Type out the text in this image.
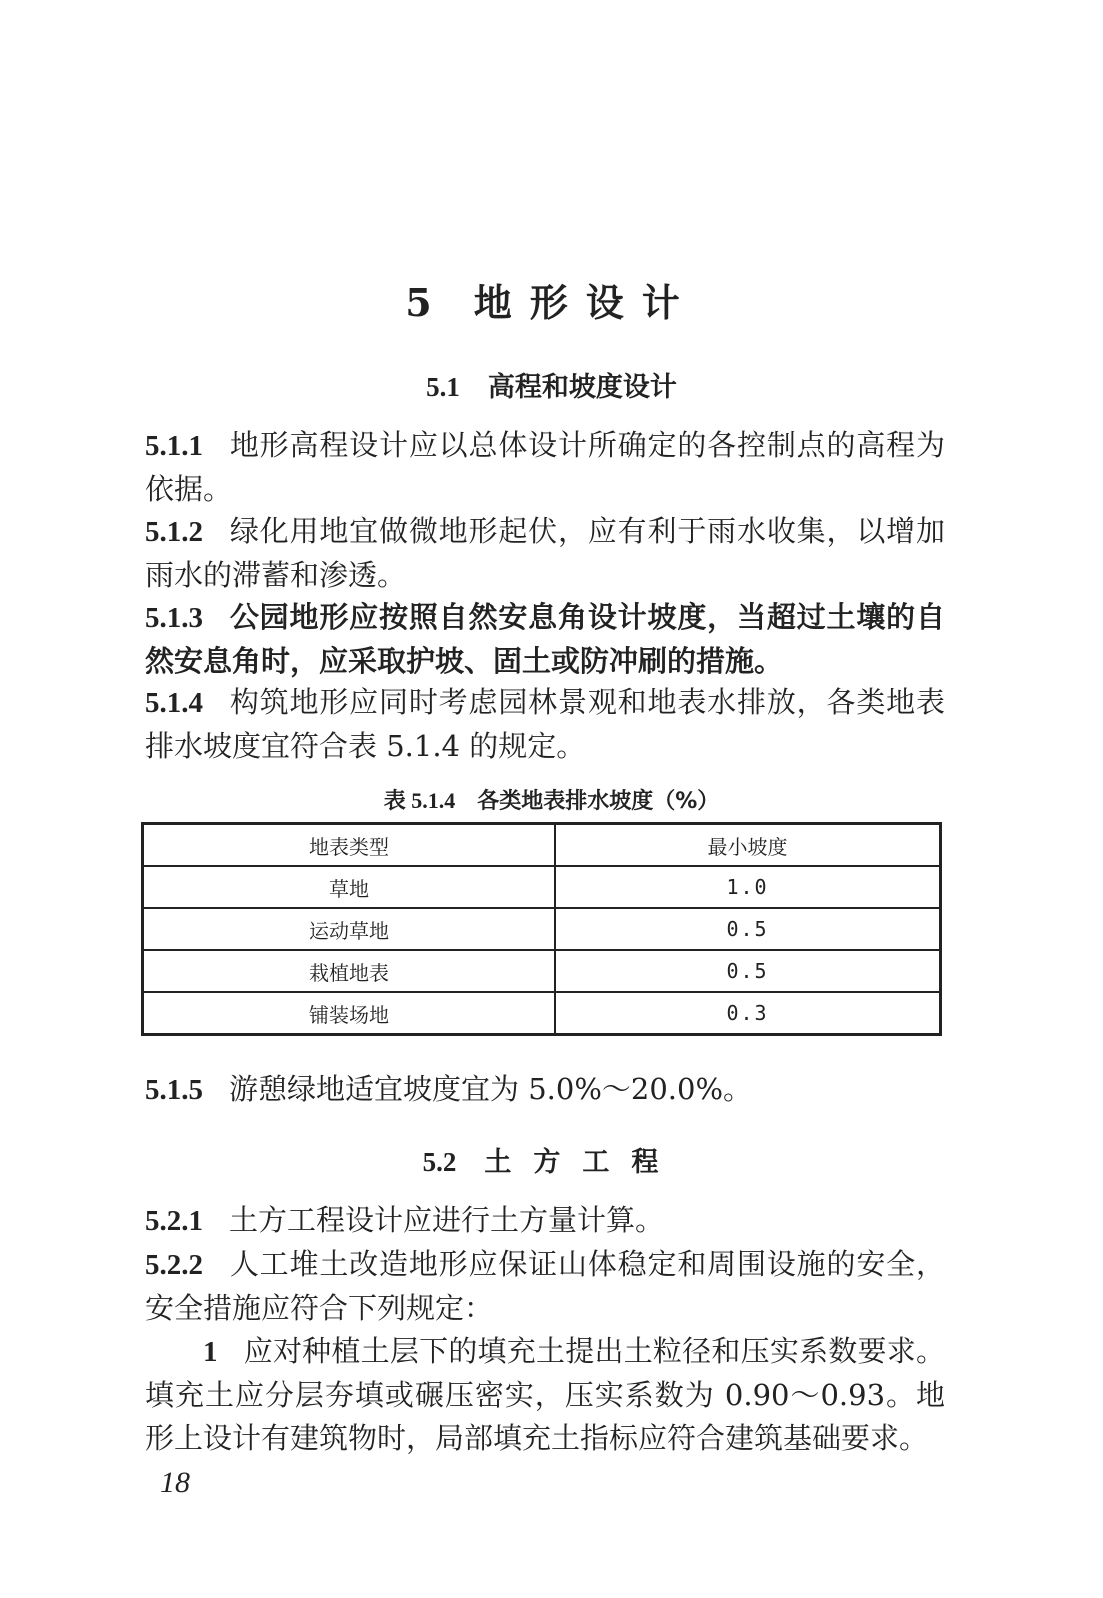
5 地形设计
5.1 高程和坡度设计
5.1.1 地形高程设计应以总体设计所确定的各控制点的高程为依据。
5.1.2 绿化用地宜做微地形起伏，应有利于雨水收集，以增加雨水的滞蓄和渗透。
5.1.3 公园地形应按照自然安息角设计坡度，当超过土壤的自然安息角时，应采取护坡、固土或防冲刷的措施。
5.1.4 构筑地形应同时考虑园林景观和地表水排放，各类地表排水坡度宜符合表 5.1.4 的规定。
表 5.1.4 各类地表排水坡度（%）
地表类型	最小坡度
草地	1.0
运动草地	0.5
栽植地表	0.5
铺装场地	0.3
5.1.5 游憩绿地适宜坡度宜为 5.0%～20.0%。
5.2 土方工程
5.2.1 土方工程设计应进行土方量计算。
5.2.2 人工堆土改造地形应保证山体稳定和周围设施的安全，安全措施应符合下列规定：
1 应对种植土层下的填充土提出土粒径和压实系数要求。填充土应分层夯填或碾压密实，压实系数为 0.90～0.93。地形上设计有建筑物时，局部填充土指标应符合建筑基础要求。
18
